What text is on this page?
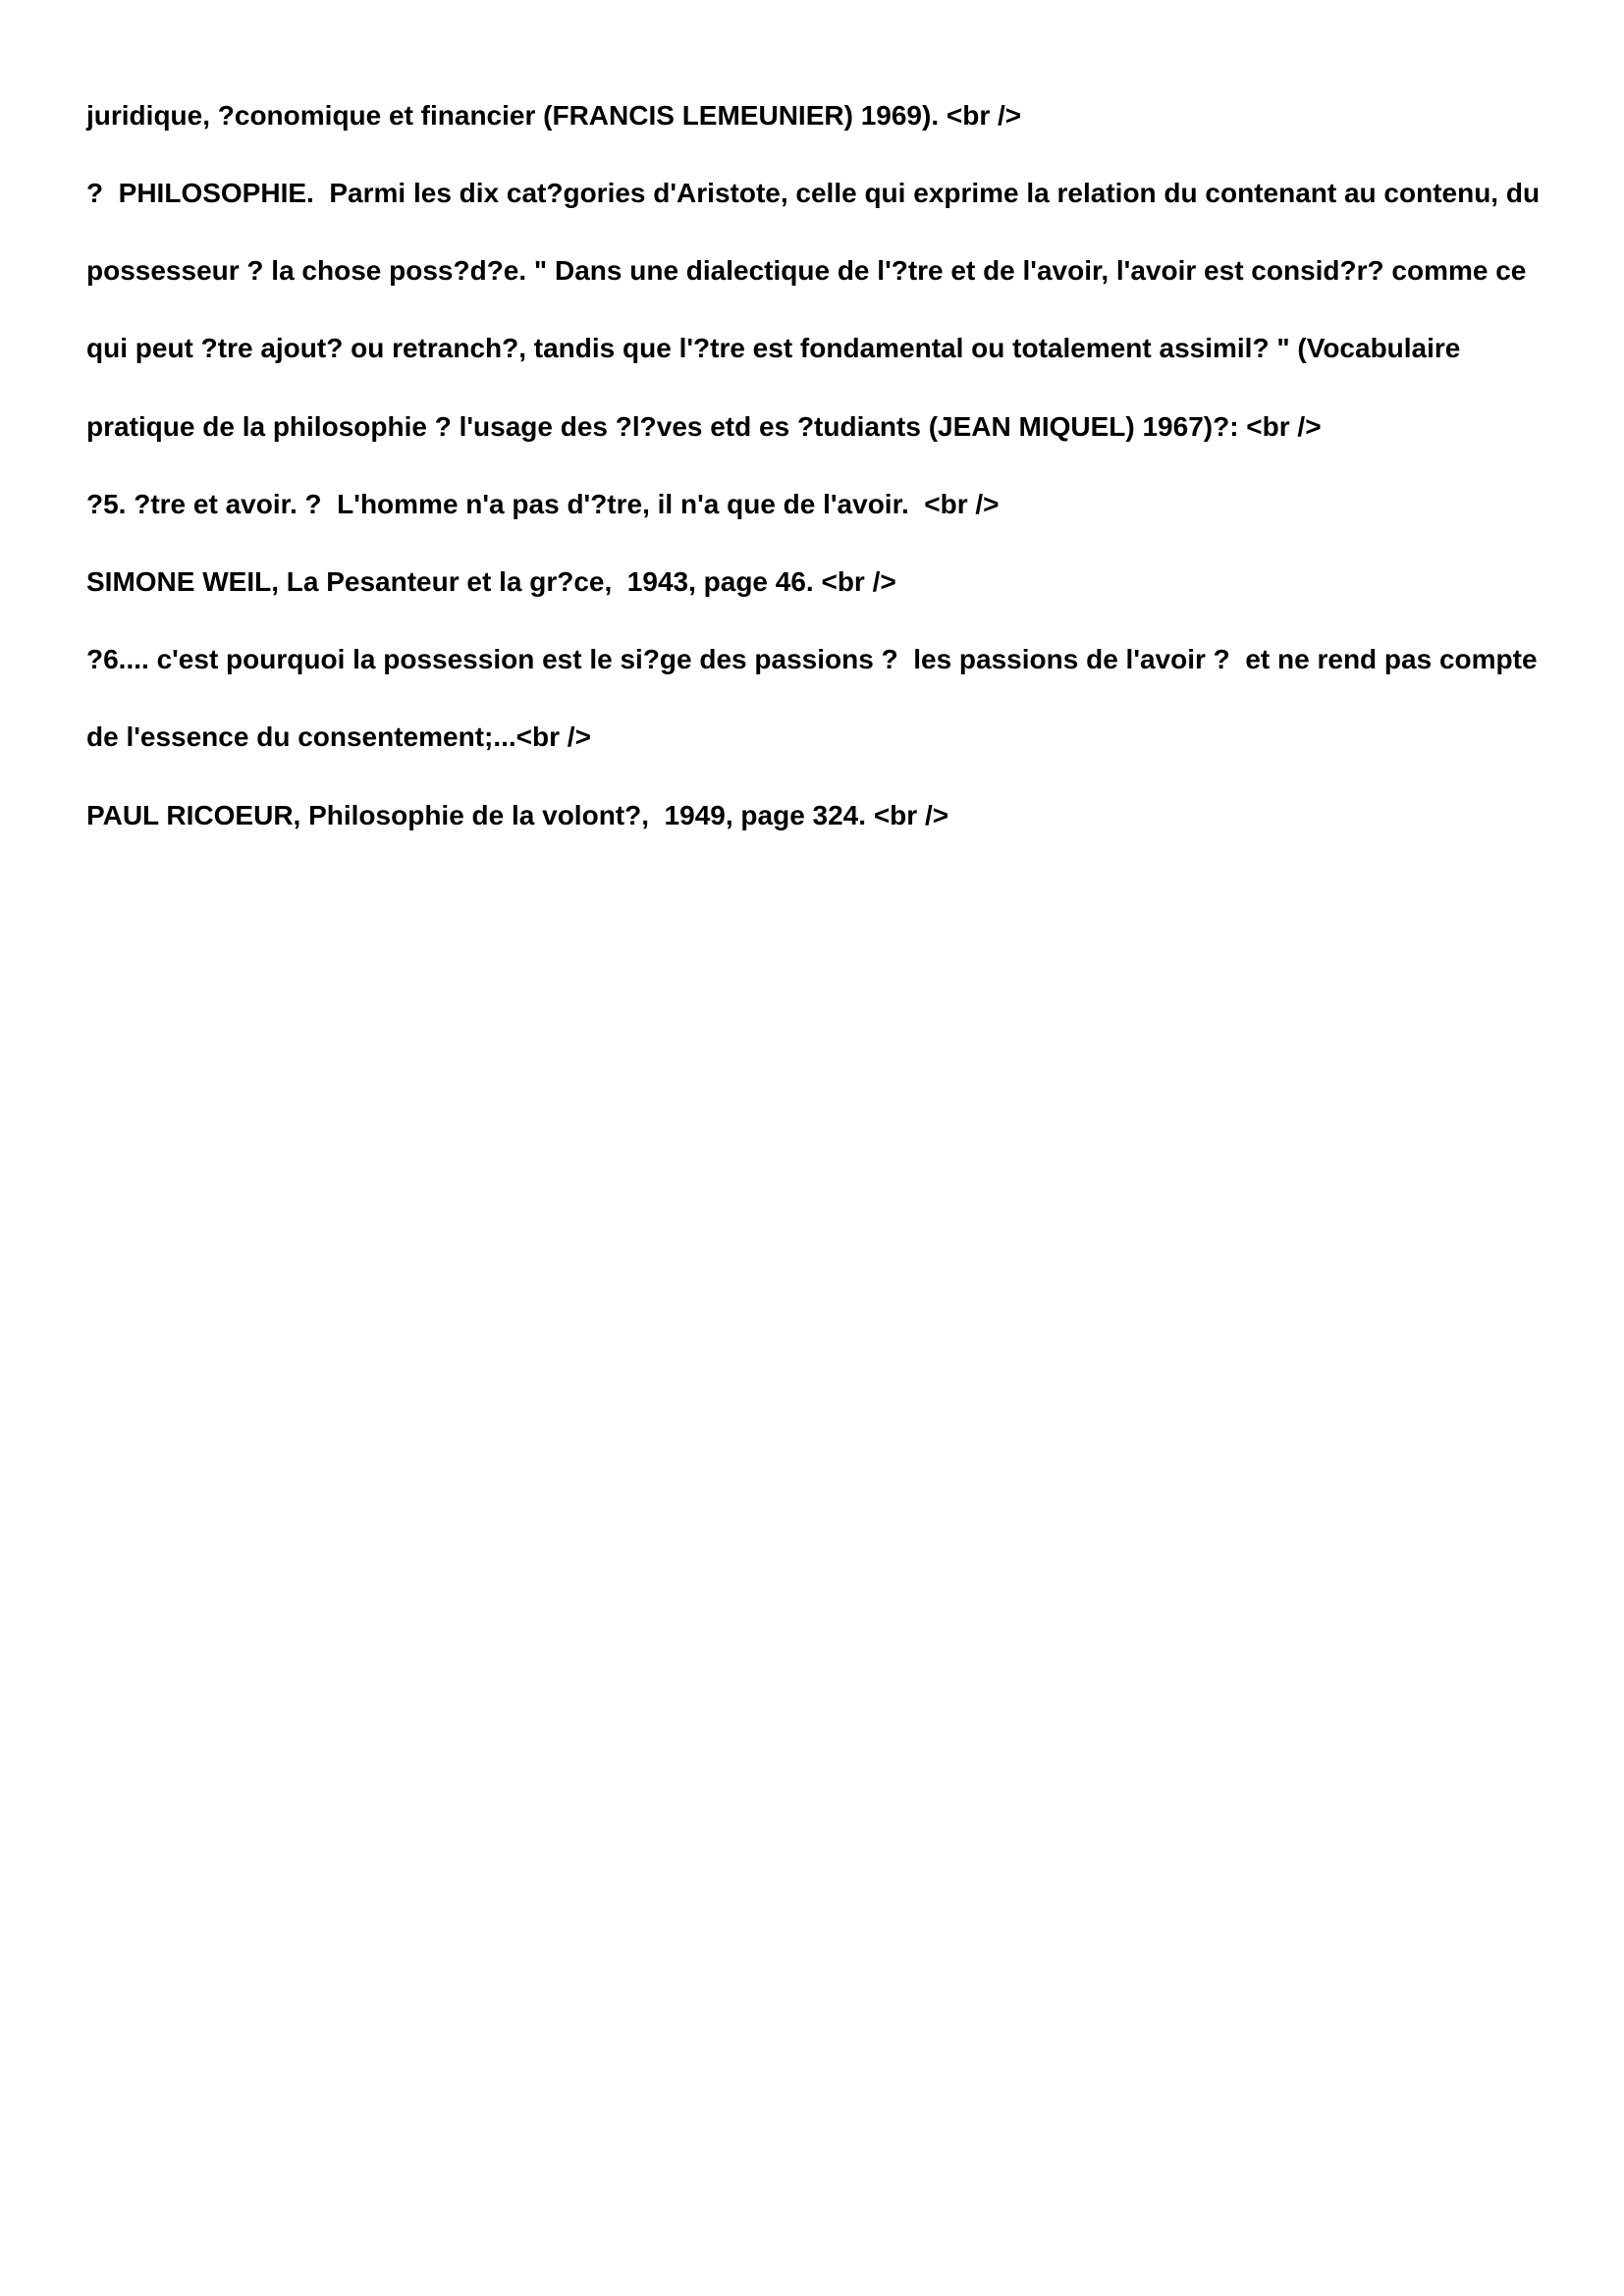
juridique, ?conomique et financier (FRANCIS LEMEUNIER) 1969). <br />
?  PHILOSOPHIE.  Parmi les dix cat?gories d'Aristote, celle qui exprime la relation du contenant au contenu, du
possesseur ? la chose poss?d?e. " Dans une dialectique de l'?tre et de l'avoir, l'avoir est consid?r? comme ce
qui peut ?tre ajout? ou retranch?, tandis que l'?tre est fondamental ou totalement assimil? " (Vocabulaire
pratique de la philosophie ? l'usage des ?l?ves etd es ?tudiants (JEAN MIQUEL) 1967)?: <br />
?5. ?tre et avoir. ?  L'homme n'a pas d'?tre, il n'a que de l'avoir.  <br />
SIMONE WEIL, La Pesanteur et la gr?ce,  1943, page 46. <br />
?6.... c'est pourquoi la possession est le si?ge des passions ?  les passions de l'avoir ?  et ne rend pas compte
de l'essence du consentement;...<br />
PAUL RICOEUR, Philosophie de la volont?,  1949, page 324. <br />
